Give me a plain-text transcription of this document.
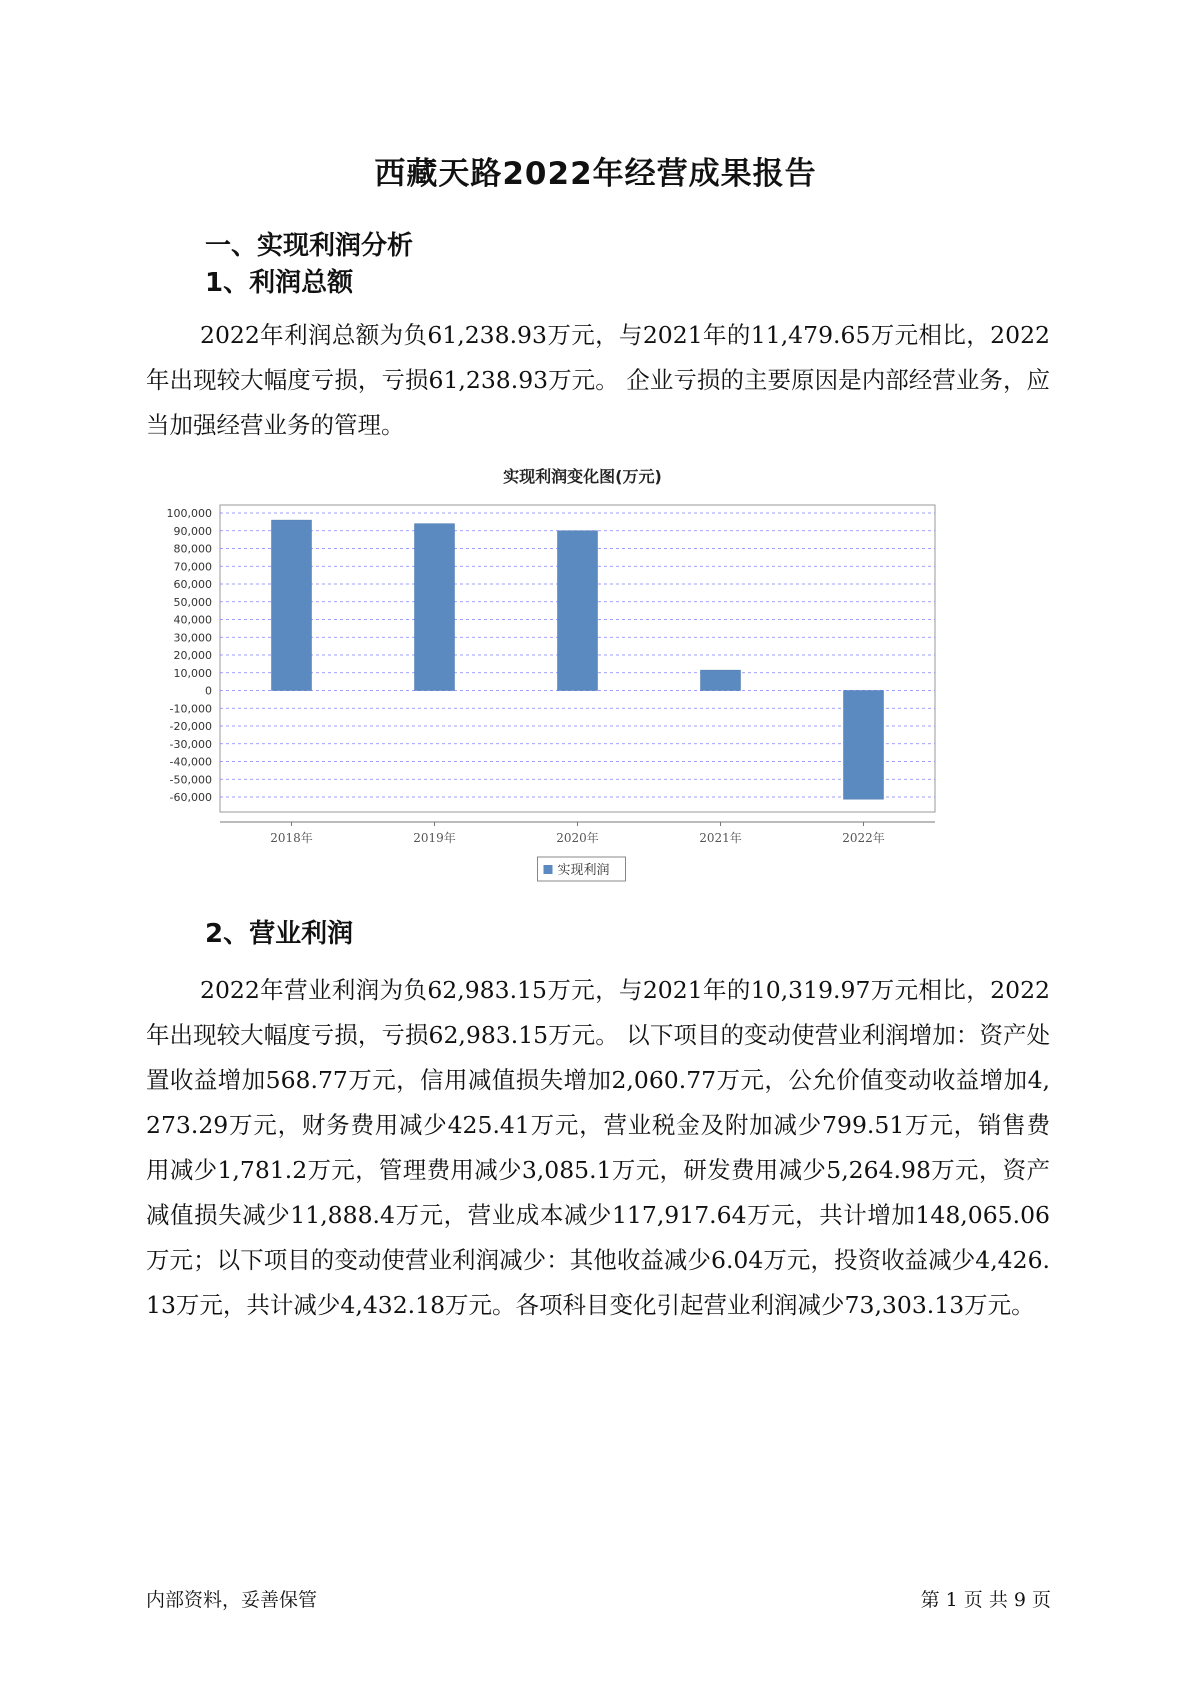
西藏天路2022年经营成果报告
一、实现利润分析
1、利润总额

2022年利润总额为负61,238.93万元，与2021年的11,479.65万元相比，2022年出现较大幅度亏损，亏损61,238.93万元。 企业亏损的主要原因是内部经营业务，应当加强经营业务的管理。

实现利润变化图(万元)
100,000
90,000
80,000
70,000
60,000
50,000
40,000
30,000
20,000
10,000
0
-10,000
-20,000
-30,000
-40,000
-50,000
-60,000
2018年	2019年	2020年	2021年	2022年
实现利润
2、营业利润

2022年营业利润为负62,983.15万元，与2021年的10,319.97万元相比，2022年出现较大幅度亏损，亏损62,983.15万元。 以下项目的变动使营业利润增加：资产处置收益增加568.77万元，信用减值损失增加2,060.77万元，公允价值变动收益增加4,273.29万元，财务费用减少425.41万元，营业税金及附加减少799.51万元，销售费用减少1,781.2万元，管理费用减少3,085.1万元，研发费用减少5,264.98万元，资产减值损失减少11,888.4万元，营业成本减少117,917.64万元，共计增加148,065.06万元；以下项目的变动使营业利润减少：其他收益减少6.04万元，投资收益减少4,426.13万元，共计减少4,432.18万元。各项科目变化引起营业利润减少73,303.13万元。

内部资料，妥善保管	第 1 页 共 9 页
